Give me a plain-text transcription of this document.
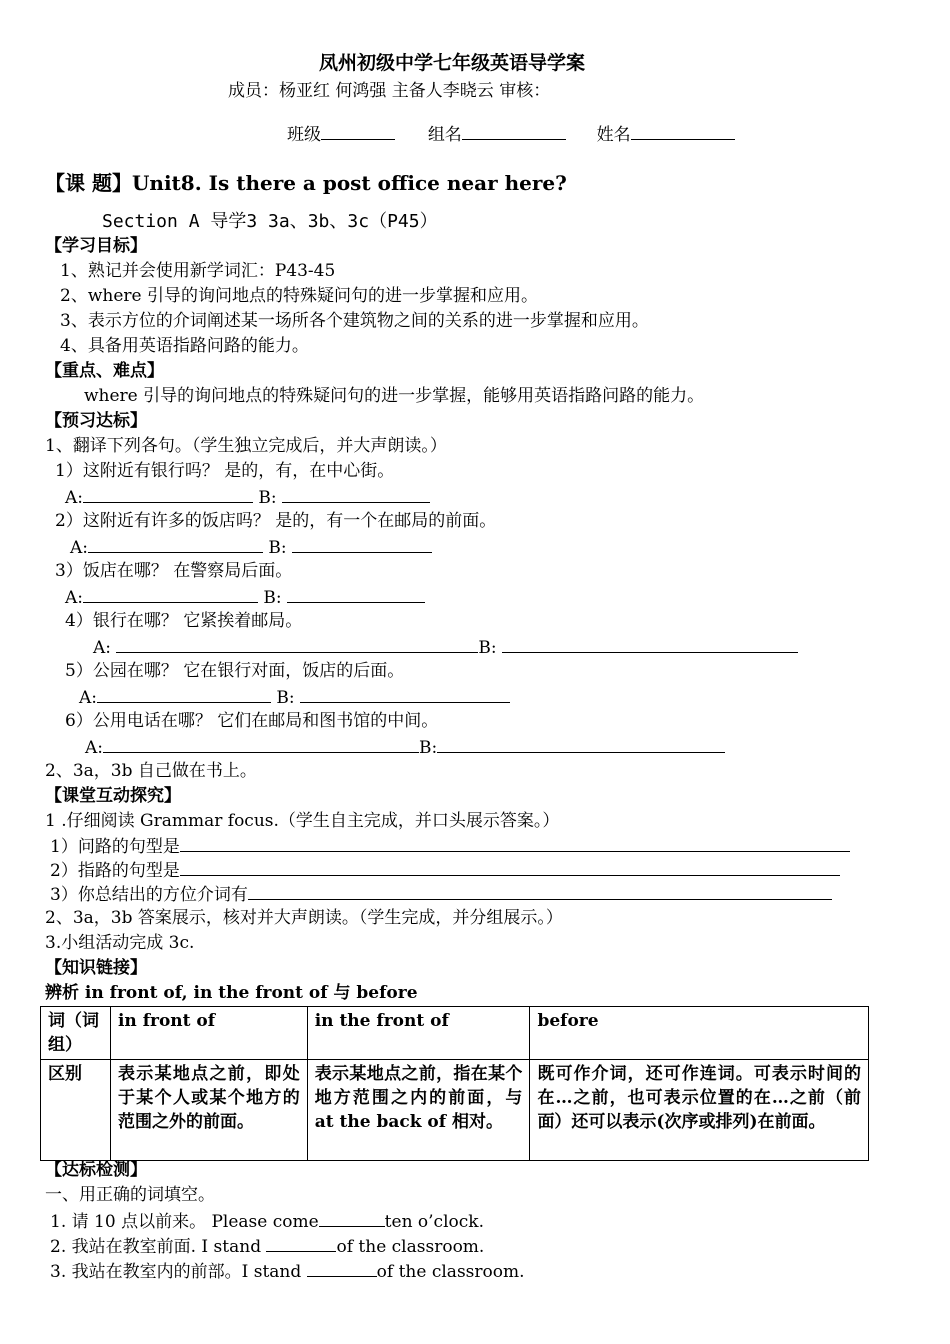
凤州初级中学七年级英语导学案
成员：杨亚红 何鸿强 主备人李晓云 审核：
班级	组名	姓名
【课 题】Unit8. Is there a post office near here?
Section A 导学3 3a、3b、3c（P45）
【学习目标】
1、熟记并会使用新学词汇：P43-45
2、where 引导的询问地点的特殊疑问句的进一步掌握和应用。
3、表示方位的介词阐述某一场所各个建筑物之间的关系的进一步掌握和应用。
4、具备用英语指路问路的能力。
【重点、难点】
where 引导的询问地点的特殊疑问句的进一步掌握，能够用英语指路问路的能力。
【预习达标】
1、翻译下列各句。（学生独立完成后，并大声朗读。）
1）这附近有银行吗？ 是的，有，在中心街。
A:	B:
2）这附近有许多的饭店吗？ 是的，有一个在邮局的前面。
A:	B:
3）饭店在哪？ 在警察局后面。
A:	B:
4）银行在哪？ 它紧挨着邮局。
A:	B:
5）公园在哪？ 它在银行对面，饭店的后面。
A:	B:
6）公用电话在哪？ 它们在邮局和图书馆的中间。
A:	B:
2、3a，3b 自己做在书上。
【课堂互动探究】
1 .仔细阅读 Grammar focus.（学生自主完成，并口头展示答案。）
1）问路的句型是
2）指路的句型是
3）你总结出的方位介词有
2、3a，3b 答案展示，核对并大声朗读。（学生完成，并分组展示。）
3.小组活动完成 3c.
【知识链接】
辨析 in front of, in the front of 与 before
词（词组）	in front of	in the front of	before
区别	表示某地点之前，即处于某个人或某个地方的范围之外的前面。	表示某地点之前，指在某个地方范围之内的前面，与 at the back of 相对。	既可作介词，还可作连词。可表示时间的在…之前，也可表示位置的在…之前（前面）还可以表示(次序或排列)在前面。
【达标检测】
一、用正确的词填空。
1. 请 10 点以前来。 Please come	ten o’clock.
2. 我站在教室前面. I stand	of the classroom.
3. 我站在教室内的前部。I stand	of the classroom.
